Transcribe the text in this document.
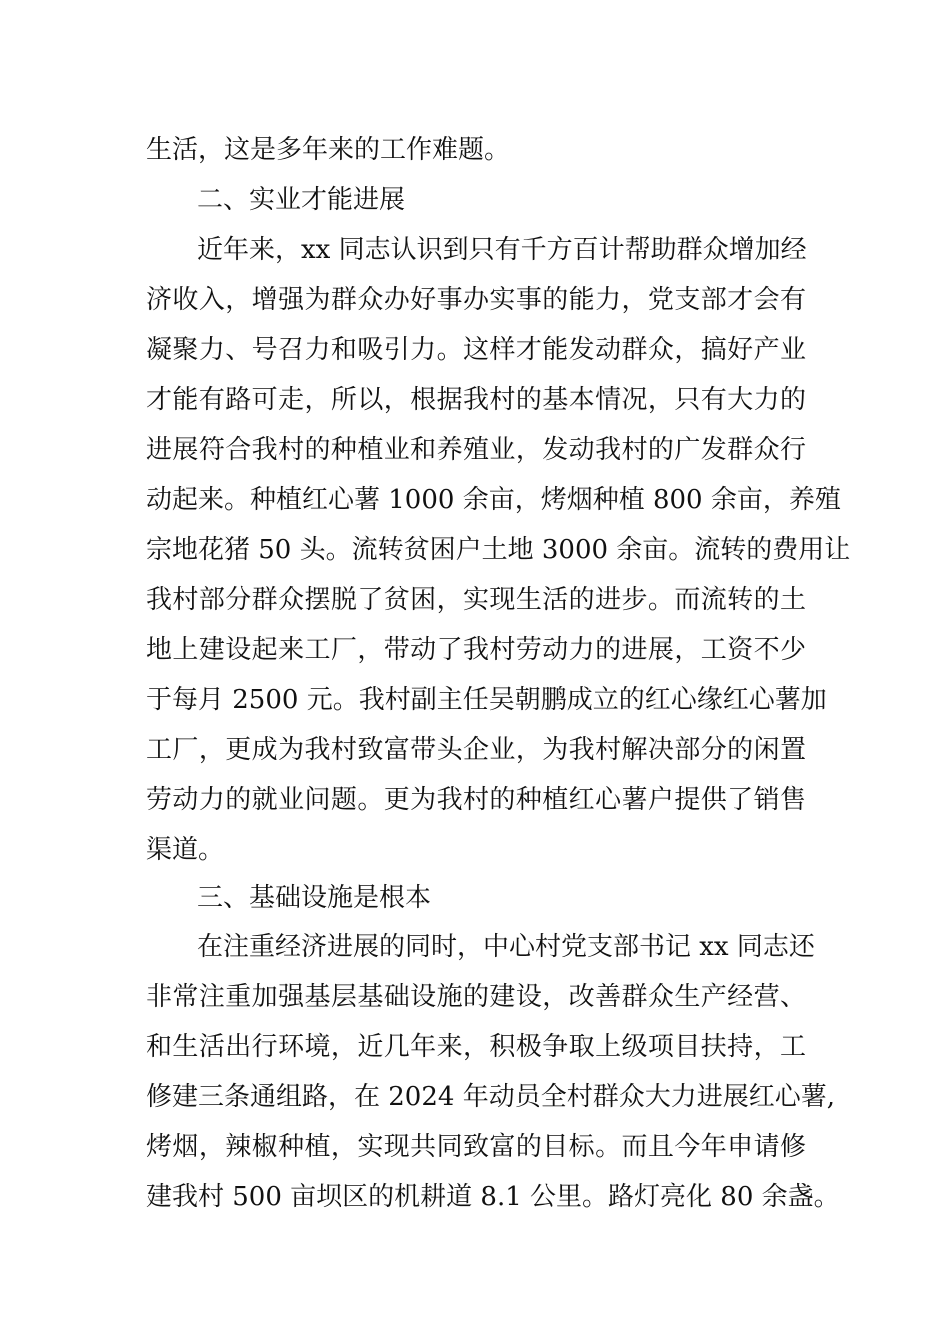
生活，这是多年来的工作难题。
二、实业才能进展
近年来，xx 同志认识到只有千方百计帮助群众增加经
济收入，增强为群众办好事办实事的能力，党支部才会有
凝聚力、号召力和吸引力。这样才能发动群众，搞好产业
才能有路可走，所以，根据我村的基本情况，只有大力的
进展符合我村的种植业和养殖业，发动我村的广发群众行
动起来。种植红心薯 1000 余亩，烤烟种植 800 余亩，养殖
宗地花猪 50 头。流转贫困户土地 3000 余亩。流转的费用让
我村部分群众摆脱了贫困，实现生活的进步。而流转的土
地上建设起来工厂，带动了我村劳动力的进展，工资不少
于每月 2500 元。我村副主任吴朝鹏成立的红心缘红心薯加
工厂，更成为我村致富带头企业，为我村解决部分的闲置
劳动力的就业问题。更为我村的种植红心薯户提供了销售
渠道。
三、基础设施是根本
在注重经济进展的同时，中心村党支部书记 xx 同志还
非常注重加强基层基础设施的建设，改善群众生产经营、
和生活出行环境，近几年来，积极争取上级项目扶持，工
修建三条通组路，在 2024 年动员全村群众大力进展红心薯,
烤烟，辣椒种植，实现共同致富的目标。而且今年申请修
建我村 500 亩坝区的机耕道 8.1 公里。路灯亮化 80 余盏。
